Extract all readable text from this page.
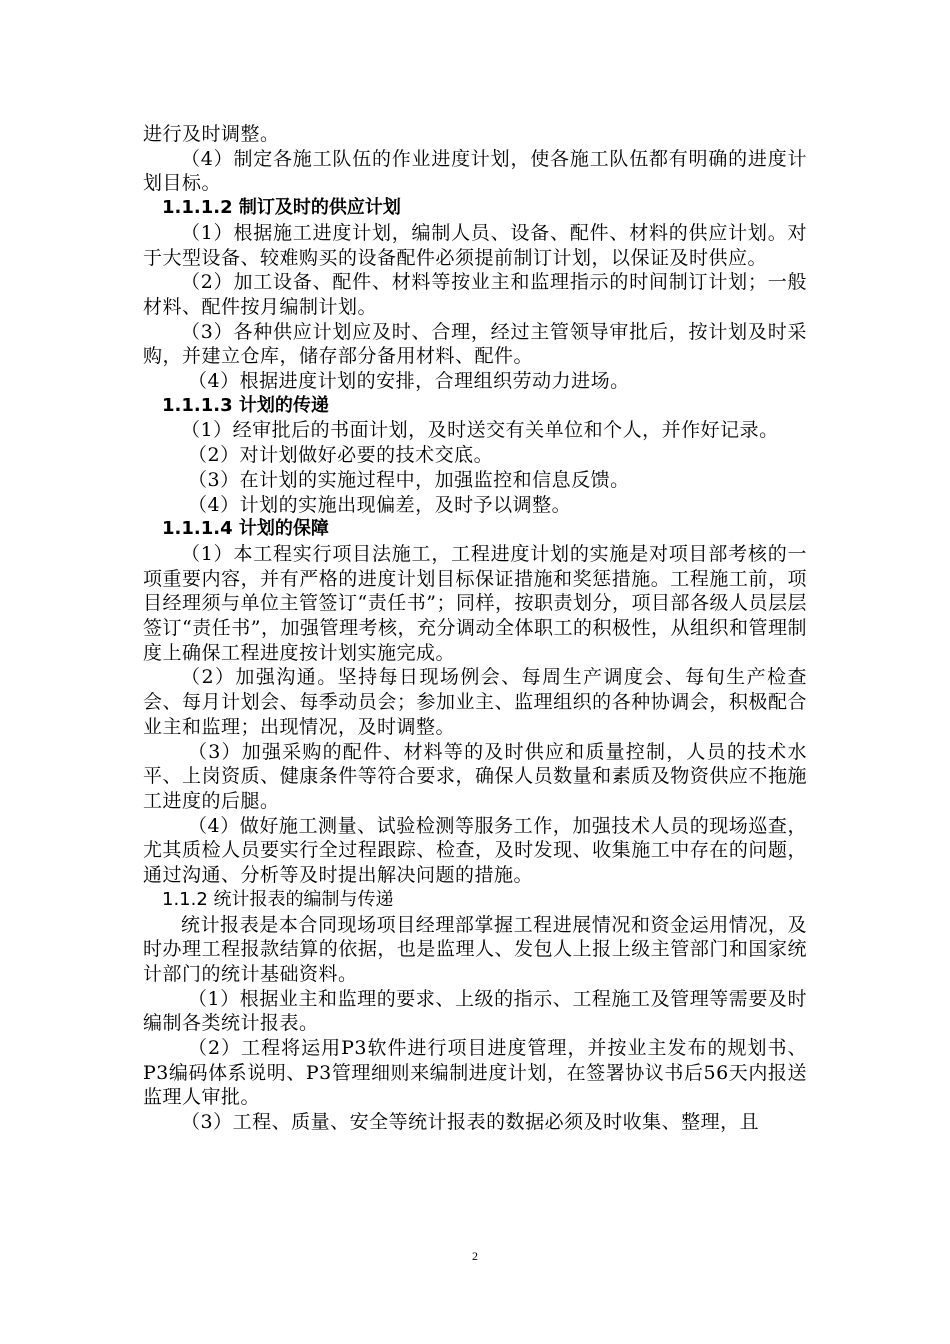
进行及时调整。

（4）制定各施工队伍的作业进度计划，使各施工队伍都有明确的进度计划目标。

1.1.1.2 制订及时的供应计划

（1）根据施工进度计划，编制人员、设备、配件、材料的供应计划。对于大型设备、较难购买的设备配件必须提前制订计划，以保证及时供应。

（2）加工设备、配件、材料等按业主和监理指示的时间制订计划；一般材料、配件按月编制计划。

（3）各种供应计划应及时、合理，经过主管领导审批后，按计划及时采购，并建立仓库，储存部分备用材料、配件。

（4）根据进度计划的安排，合理组织劳动力进场。

1.1.1.3 计划的传递

（1）经审批后的书面计划，及时送交有关单位和个人，并作好记录。

（2）对计划做好必要的技术交底。

（3）在计划的实施过程中，加强监控和信息反馈。

（4）计划的实施出现偏差，及时予以调整。

1.1.1.4 计划的保障

（1）本工程实行项目法施工，工程进度计划的实施是对项目部考核的一项重要内容，并有严格的进度计划目标保证措施和奖惩措施。工程施工前，项目经理须与单位主管签订“责任书”；同样，按职责划分，项目部各级人员层层签订“责任书”，加强管理考核，充分调动全体职工的积极性，从组织和管理制度上确保工程进度按计划实施完成。

（2）加强沟通。坚持每日现场例会、每周生产调度会、每旬生产检查会、每月计划会、每季动员会；参加业主、监理组织的各种协调会，积极配合业主和监理；出现情况，及时调整。

（3）加强采购的配件、材料等的及时供应和质量控制，人员的技术水平、上岗资质、健康条件等符合要求，确保人员数量和素质及物资供应不拖施工进度的后腿。

（4）做好施工测量、试验检测等服务工作，加强技术人员的现场巡查，尤其质检人员要实行全过程跟踪、检查，及时发现、收集施工中存在的问题，通过沟通、分析等及时提出解决问题的措施。

1.1.2 统计报表的编制与传递

统计报表是本合同现场项目经理部掌握工程进展情况和资金运用情况，及时办理工程报款结算的依据，也是监理人、发包人上报上级主管部门和国家统计部门的统计基础资料。

（1）根据业主和监理的要求、上级的指示、工程施工及管理等需要及时编制各类统计报表。

（2）工程将运用P3软件进行项目进度管理，并按业主发布的规划书、P3编码体系说明、P3管理细则来编制进度计划，在签署协议书后56天内报送监理人审批。

（3）工程、质量、安全等统计报表的数据必须及时收集、整理，且

2
